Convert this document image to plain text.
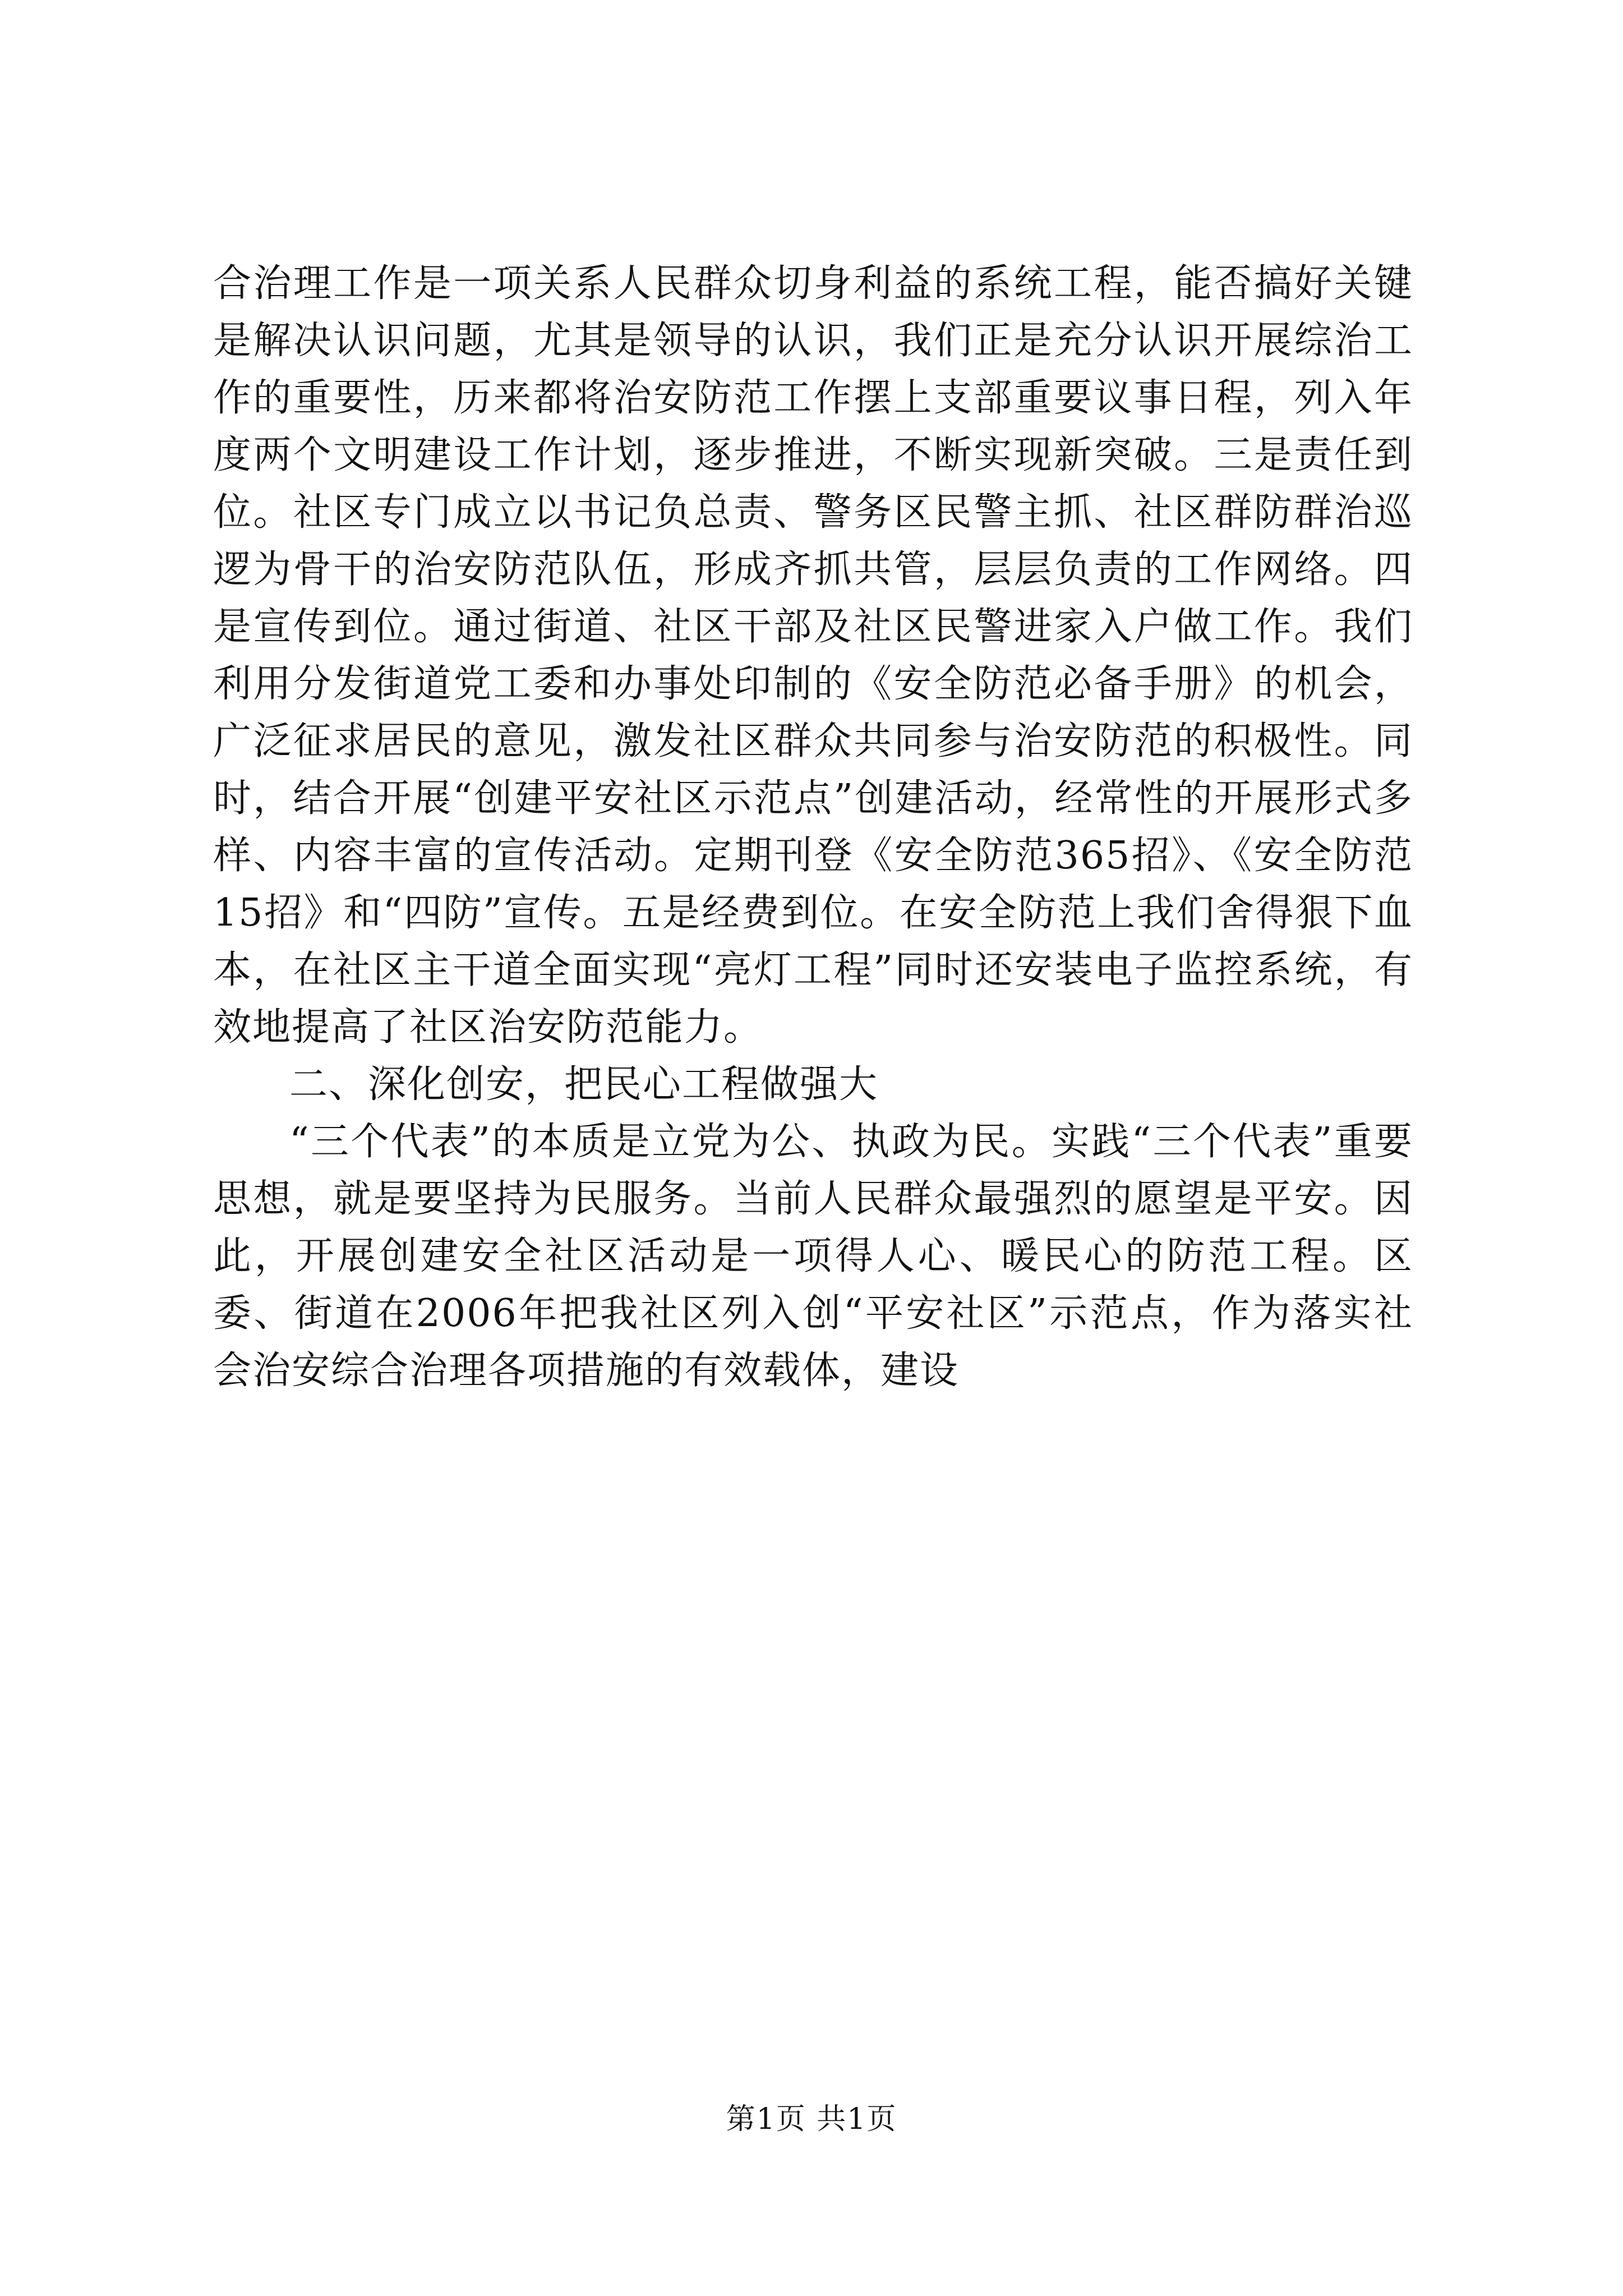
合治理工作是一项关系人民群众切身利益的系统工程，能否搞好关键是解决认识问题，尤其是领导的认识，我们正是充分认识开展综治工作的重要性，历来都将治安防范工作摆上支部重要议事日程，列入年度两个文明建设工作计划，逐步推进，不断实现新突破。三是责任到位。社区专门成立以书记负总责、警务区民警主抓、社区群防群治巡逻为骨干的治安防范队伍，形成齐抓共管，层层负责的工作网络。四是宣传到位。通过街道、社区干部及社区民警进家入户做工作。我们利用分发街道党工委和办事处印制的《安全防范必备手册》的机会，广泛征求居民的意见，激发社区群众共同参与治安防范的积极性。同时，结合开展“创建平安社区示范点”创建活动，经常性的开展形式多样、内容丰富的宣传活动。定期刊登《安全防范365招》、《安全防范15招》和“四防”宣传。五是经费到位。在安全防范上我们舍得狠下血本，在社区主干道全面实现“亮灯工程”同时还安装电子监控系统，有效地提高了社区治安防范能力。

二、深化创安，把民心工程做强大

“三个代表”的本质是立党为公、执政为民。实践“三个代表”重要思想，就是要坚持为民服务。当前人民群众最强烈的愿望是平安。因此，开展创建安全社区活动是一项得人心、暖民心的防范工程。区委、街道在2006年把我社区列入创“平安社区”示范点，作为落实社会治安综合治理各项措施的有效载体，建设

第1页 共1页
